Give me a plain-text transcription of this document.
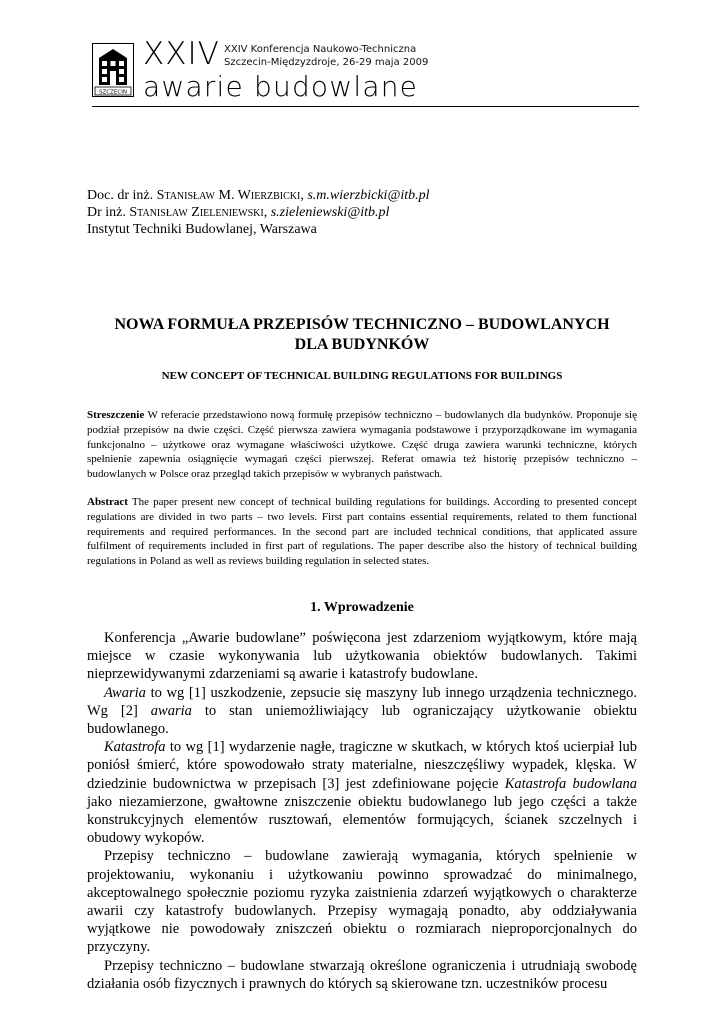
SZCZECIN
XXIV XXIV Konferencja Naukowo-Techniczna
Szczecin-Międzyzdroje, 26-29 maja 2009
awarie budowlane
Doc. dr inż. Stanisław M. Wierzbicki, s.m.wierzbicki@itb.pl
Dr inż. Stanisław Zieleniewski, s.zieleniewski@itb.pl
Instytut Techniki Budowlanej, Warszawa
NOWA FORMUŁA PRZEPISÓW TECHNICZNO – BUDOWLANYCH
DLA BUDYNKÓW
NEW CONCEPT OF TECHNICAL BUILDING REGULATIONS FOR BUILDINGS
Streszczenie W referacie przedstawiono nową formułę przepisów techniczno – budowlanych dla budynków. Proponuje się podział przepisów na dwie części. Część pierwsza zawiera wymagania podstawowe i przyporządkowane im wymagania funkcjonalno – użytkowe oraz wymagane właściwości użytkowe. Część druga zawiera warunki techniczne, których spełnienie zapewnia osiągnięcie wymagań części pierwszej. Referat omawia też historię przepisów techniczno – budowlanych w Polsce oraz przegląd takich przepisów w wybranych państwach.
Abstract The paper present new concept of technical building regulations for buildings. According to presented concept regulations are divided in two parts – two levels. First part contains essential requirements, related to them functional requirements and required performances. In the second part are included technical conditions, that applicated assure fulfilment of requirements included in first part of regulations. The paper describe also the history of technical building regulations in Poland as well as reviews building regulation in selected states.
1. Wprowadzenie

Konferencja „Awarie budowlane” poświęcona jest zdarzeniom wyjątkowym, które mają miejsce w czasie wykonywania lub użytkowania obiektów budowlanych. Takimi nieprzewidywanymi zdarzeniami są awarie i katastrofy budowlane.

Awaria to wg [1] uszkodzenie, zepsucie się maszyny lub innego urządzenia technicznego. Wg [2] awaria to stan uniemożliwiający lub ograniczający użytkowanie obiektu budowlanego.

Katastrofa to wg [1] wydarzenie nagłe, tragiczne w skutkach, w których ktoś ucierpiał lub poniósł śmierć, które spowodowało straty materialne, nieszczęśliwy wypadek, klęska. W dziedzinie budownictwa w przepisach [3] jest zdefiniowane pojęcie Katastrofa budowlana jako niezamierzone, gwałtowne zniszczenie obiektu budowlanego lub jego części a także konstrukcyjnych elementów rusztowań, elementów formujących, ścianek szczelnych i obudowy wykopów.

Przepisy techniczno – budowlane zawierają wymagania, których spełnienie w projektowaniu, wykonaniu i użytkowaniu powinno sprowadzać do minimalnego, akceptowalnego społecznie poziomu ryzyka zaistnienia zdarzeń wyjątkowych o charakterze awarii czy katastrofy budowlanych. Przepisy wymagają ponadto, aby oddziaływania wyjątkowe nie powodowały zniszczeń obiektu o rozmiarach nieproporcjonalnych do przyczyny.

Przepisy techniczno – budowlane stwarzają określone ograniczenia i utrudniają swobodę działania osób fizycznych i prawnych do których są skierowane tzn. uczestników procesu
